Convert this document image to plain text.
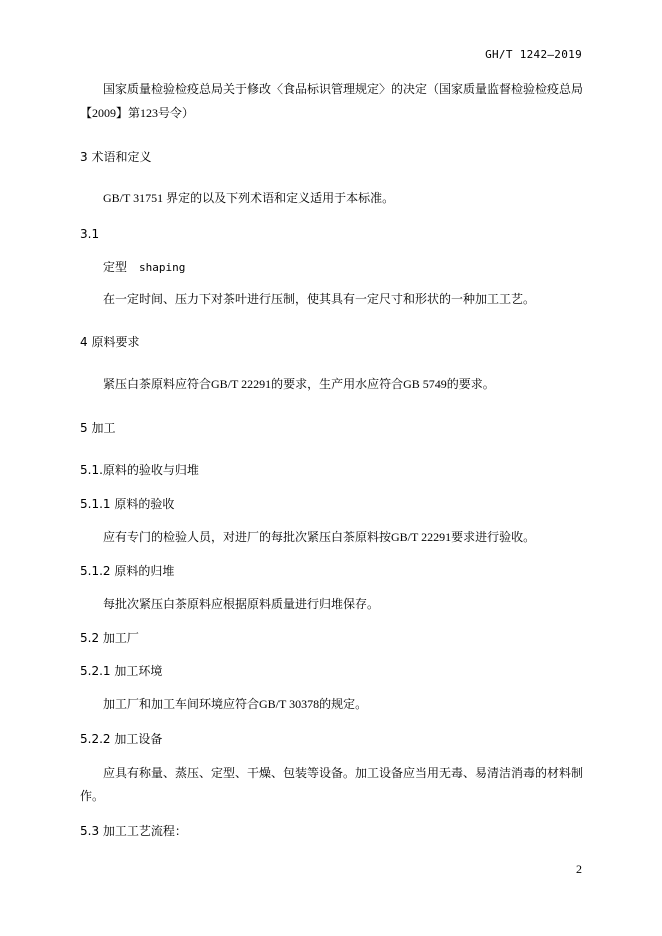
GH/T 1242—2019
国家质量检验检疫总局关于修改〈食品标识管理规定〉的决定（国家质量监督检验检疫总局
【2009】第123号令）
3 术语和定义
GB/T 31751 界定的以及下列术语和定义适用于本标准。
3.1
定型 shaping
在一定时间、压力下对茶叶进行压制，使其具有一定尺寸和形状的一种加工工艺。
4 原料要求
紧压白茶原料应符合GB/T 22291的要求，生产用水应符合GB 5749的要求。
5 加工
5.1.原料的验收与归堆
5.1.1 原料的验收
应有专门的检验人员，对进厂的每批次紧压白茶原料按GB/T 22291要求进行验收。
5.1.2 原料的归堆
每批次紧压白茶原料应根据原料质量进行归堆保存。
5.2 加工厂
5.2.1 加工环境
加工厂和加工车间环境应符合GB/T 30378的规定。
5.2.2 加工设备
应具有称量、蒸压、定型、干燥、包装等设备。加工设备应当用无毒、易清洁消毒的材料制
作。
5.3 加工工艺流程：
2
